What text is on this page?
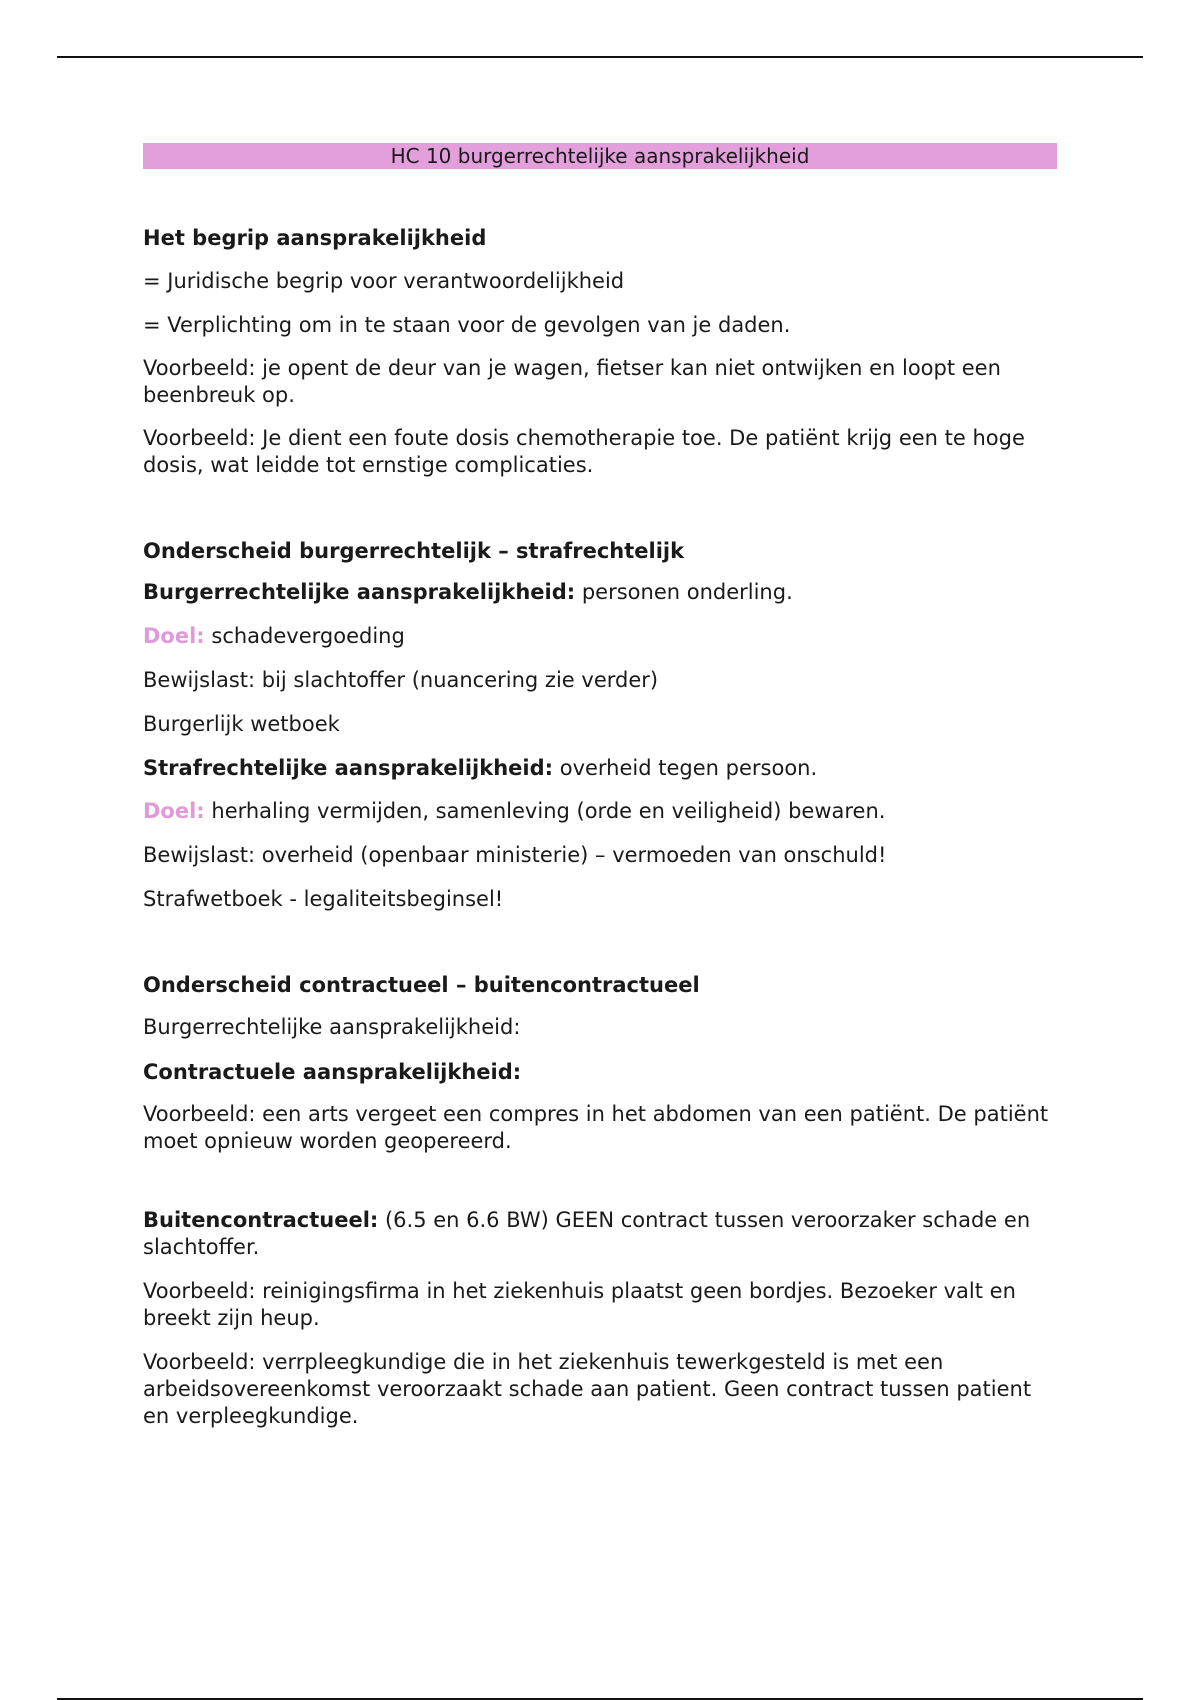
HC 10 burgerrechtelijke aansprakelijkheid
Het begrip aansprakelijkheid

= Juridische begrip voor verantwoordelijkheid

= Verplichting om in te staan voor de gevolgen van je daden.

Voorbeeld: je opent de deur van je wagen, fietser kan niet ontwijken en loopt een beenbreuk op.

Voorbeeld: Je dient een foute dosis chemotherapie toe. De patiënt krijg een te hoge dosis, wat leidde tot ernstige complicaties.

Onderscheid burgerrechtelijk – strafrechtelijk

Burgerrechtelijke aansprakelijkheid: personen onderling.

Doel: schadevergoeding

Bewijslast: bij slachtoffer (nuancering zie verder)

Burgerlijk wetboek

Strafrechtelijke aansprakelijkheid: overheid tegen persoon.

Doel: herhaling vermijden, samenleving (orde en veiligheid) bewaren.

Bewijslast: overheid (openbaar ministerie) – vermoeden van onschuld!

Strafwetboek - legaliteitsbeginsel!

Onderscheid contractueel – buitencontractueel

Burgerrechtelijke aansprakelijkheid:

Contractuele aansprakelijkheid:

Voorbeeld: een arts vergeet een compres in het abdomen van een patiënt. De patiënt moet opnieuw worden geopereerd.

Buitencontractueel: (6.5 en 6.6 BW) GEEN contract tussen veroorzaker schade en slachtoffer.

Voorbeeld: reinigingsfirma in het ziekenhuis plaatst geen bordjes. Bezoeker valt en breekt zijn heup.

Voorbeeld: verrpleegkundige die in het ziekenhuis tewerkgesteld is met een arbeidsovereenkomst veroorzaakt schade aan patient. Geen contract tussen patient en verpleegkundige.
